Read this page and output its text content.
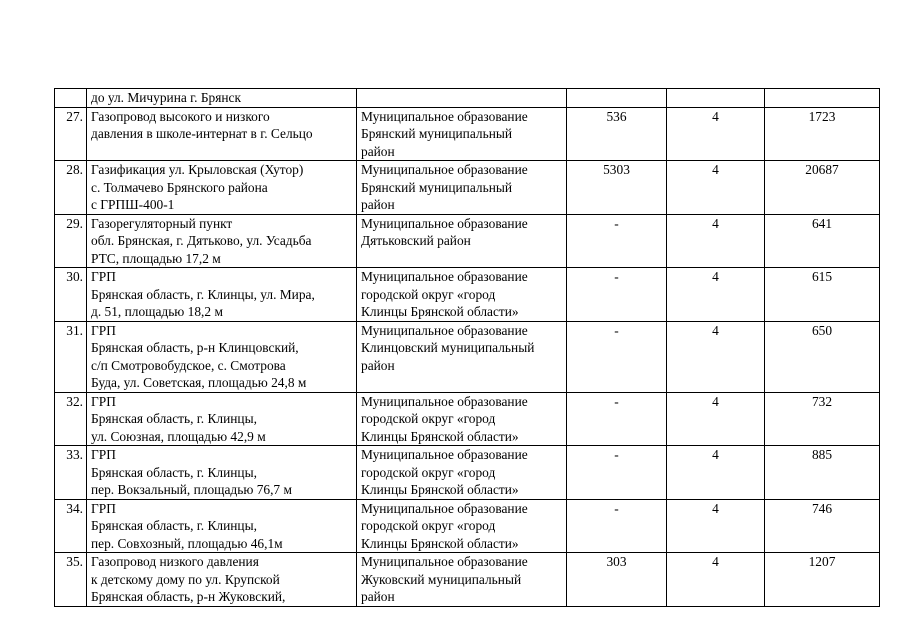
	до ул. Мичурина г. Брянск				

27.	Газопровод высокого и низкого
давления в школе-интернат в г. Сельцо	Муниципальное образование
Брянский муниципальный
район	536	4	1723
28.	Газификация ул. Крыловская (Хутор)
с. Толмачево Брянского района
с ГРПШ-400-1	Муниципальное образование
Брянский муниципальный
район	5303	4	20687
29.	Газорегуляторный пункт
обл. Брянская, г. Дятьково, ул. Усадьба
РТС, площадью 17,2 м	Муниципальное образование
Дятьковский район	-	4	641
30.	ГРП
Брянская область, г. Клинцы, ул. Мира,
д. 51, площадью 18,2 м	Муниципальное образование
городской округ «город
Клинцы Брянской области»	-	4	615
31.	ГРП
Брянская область, р-н Клинцовский,
с/п Смотровобудское, с. Смотрова
Буда, ул. Советская, площадью 24,8 м	Муниципальное образование
Клинцовский муниципальный
район	-	4	650
32.	ГРП
Брянская область, г. Клинцы,
ул. Союзная, площадью 42,9 м	Муниципальное образование
городской округ «город
Клинцы Брянской области»	-	4	732
33.	ГРП
Брянская область, г. Клинцы,
пер. Вокзальный, площадью 76,7 м	Муниципальное образование
городской округ «город
Клинцы Брянской области»	-	4	885
34.	ГРП
Брянская область, г. Клинцы,
пер. Совхозный, площадью 46,1м	Муниципальное образование
городской округ «город
Клинцы Брянской области»	-	4	746
35.	Газопровод низкого давления
к детскому дому по ул. Крупской
Брянская область, р-н Жуковский,	Муниципальное образование
Жуковский муниципальный
район	303	4	1207
